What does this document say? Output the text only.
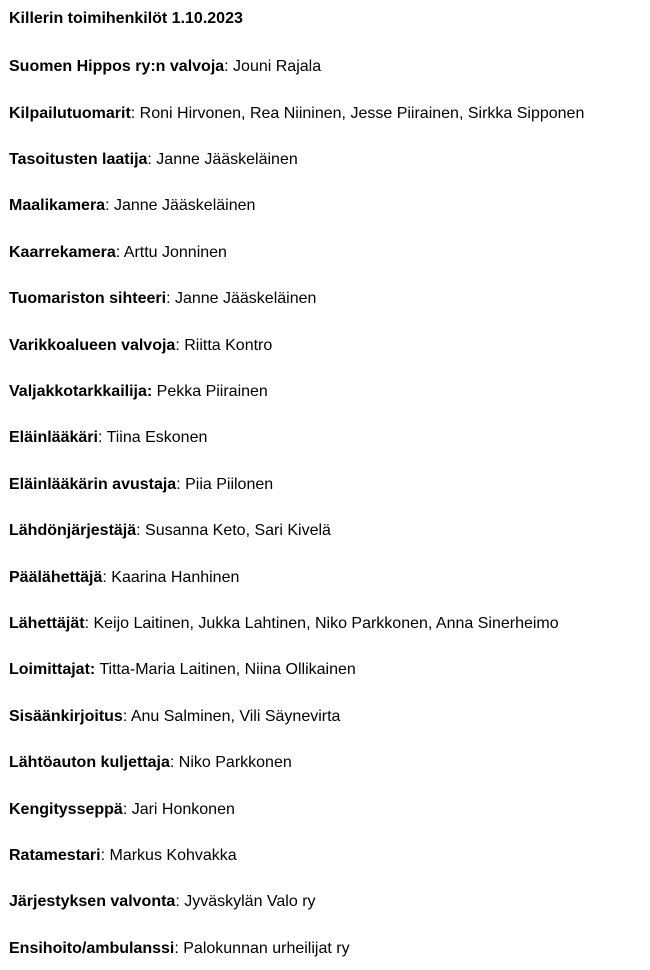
Killerin toimihenkilöt 1.10.2023
Suomen Hippos ry:n valvoja: Jouni Rajala
Kilpailutuomarit: Roni Hirvonen, Rea Niininen, Jesse Piirainen, Sirkka Sipponen
Tasoitusten laatija: Janne Jääskeläinen
Maalikamera: Janne Jääskeläinen
Kaarrekamera: Arttu Jonninen
Tuomariston sihteeri: Janne Jääskeläinen
Varikkoalueen valvoja: Riitta Kontro
Valjakkotarkkailija: Pekka Piirainen
Eläinlääkäri: Tiina Eskonen
Eläinlääkärin avustaja: Piia Piilonen
Lähdönjärjestäjä: Susanna Keto, Sari Kivelä
Päälähettäjä: Kaarina Hanhinen
Lähettäjät: Keijo Laitinen, Jukka Lahtinen, Niko Parkkonen, Anna Sinerheimo
Loimittajat: Titta-Maria Laitinen, Niina Ollikainen
Sisäänkirjoitus: Anu Salminen, Vili Säynevirta
Lähtöauton kuljettaja: Niko Parkkonen
Kengitysseppä: Jari Honkonen
Ratamestari: Markus Kohvakka
Järjestyksen valvonta: Jyväskylän Valo ry
Ensihoito/ambulanssi: Palokunnan urheilijat ry
